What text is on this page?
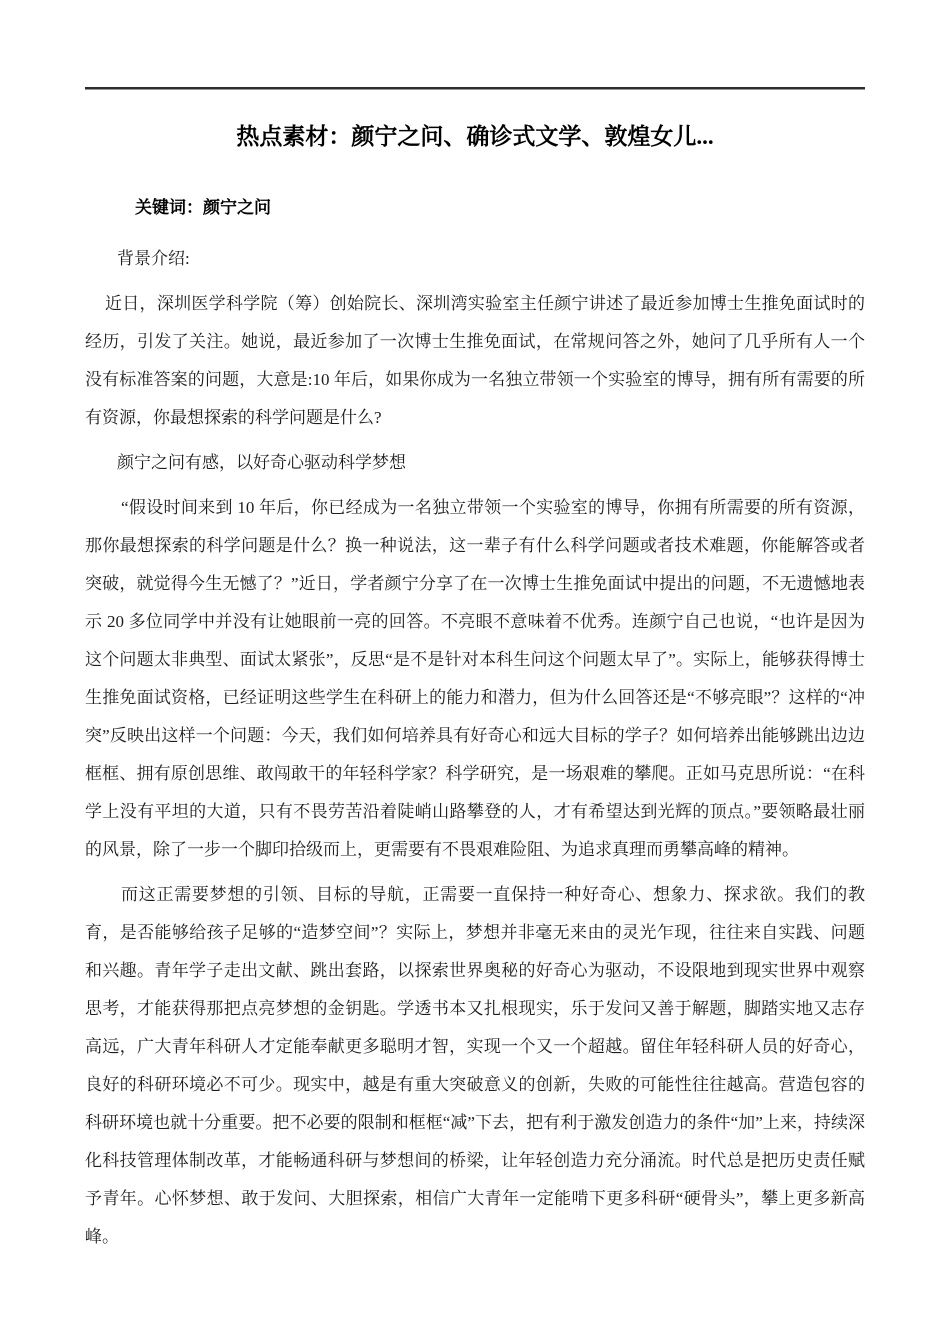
热点素材：颜宁之问、确诊式文学、敦煌女儿...
关键词：颜宁之问

背景介绍:

近日，深圳医学科学院（筹）创始院长、深圳湾实验室主任颜宁讲述了最近参加博士生推免面试时的经历，引发了关注。她说，最近参加了一次博士生推免面试，在常规问答之外，她问了几乎所有人一个没有标准答案的问题，大意是:10 年后，如果你成为一名独立带领一个实验室的博导，拥有所有需要的所有资源，你最想探索的科学问题是什么?

颜宁之问有感，以好奇心驱动科学梦想

“假设时间来到 10 年后，你已经成为一名独立带领一个实验室的博导，你拥有所需要的所有资源，那你最想探索的科学问题是什么？换一种说法，这一辈子有什么科学问题或者技术难题，你能解答或者突破，就觉得今生无憾了？”近日，学者颜宁分享了在一次博士生推免面试中提出的问题，不无遗憾地表示 20 多位同学中并没有让她眼前一亮的回答。不亮眼不意味着不优秀。连颜宁自己也说，“也许是因为这个问题太非典型、面试太紧张”，反思“是不是针对本科生问这个问题太早了”。实际上，能够获得博士生推免面试资格，已经证明这些学生在科研上的能力和潜力，但为什么回答还是“不够亮眼”？这样的“冲突”反映出这样一个问题：今天，我们如何培养具有好奇心和远大目标的学子？如何培养出能够跳出边边框框、拥有原创思维、敢闯敢干的年轻科学家？科学研究，是一场艰难的攀爬。正如马克思所说：“在科学上没有平坦的大道，只有不畏劳苦沿着陡峭山路攀登的人，才有希望达到光辉的顶点。”要领略最壮丽的风景，除了一步一个脚印拾级而上，更需要有不畏艰难险阻、为追求真理而勇攀高峰的精神。

而这正需要梦想的引领、目标的导航，正需要一直保持一种好奇心、想象力、探求欲。我们的教育，是否能够给孩子足够的“造梦空间”？实际上，梦想并非毫无来由的灵光乍现，往往来自实践、问题和兴趣。青年学子走出文献、跳出套路，以探索世界奥秘的好奇心为驱动，不设限地到现实世界中观察思考，才能获得那把点亮梦想的金钥匙。学透书本又扎根现实，乐于发问又善于解题，脚踏实地又志存高远，广大青年科研人才定能奉献更多聪明才智，实现一个又一个超越。留住年轻科研人员的好奇心，良好的科研环境必不可少。现实中，越是有重大突破意义的创新，失败的可能性往往越高。营造包容的科研环境也就十分重要。把不必要的限制和框框“减”下去，把有利于激发创造力的条件“加”上来，持续深化科技管理体制改革，才能畅通科研与梦想间的桥梁，让年轻创造力充分涌流。时代总是把历史责任赋予青年。心怀梦想、敢于发问、大胆探索，相信广大青年一定能啃下更多科研“硬骨头”，攀上更多新高峰。
